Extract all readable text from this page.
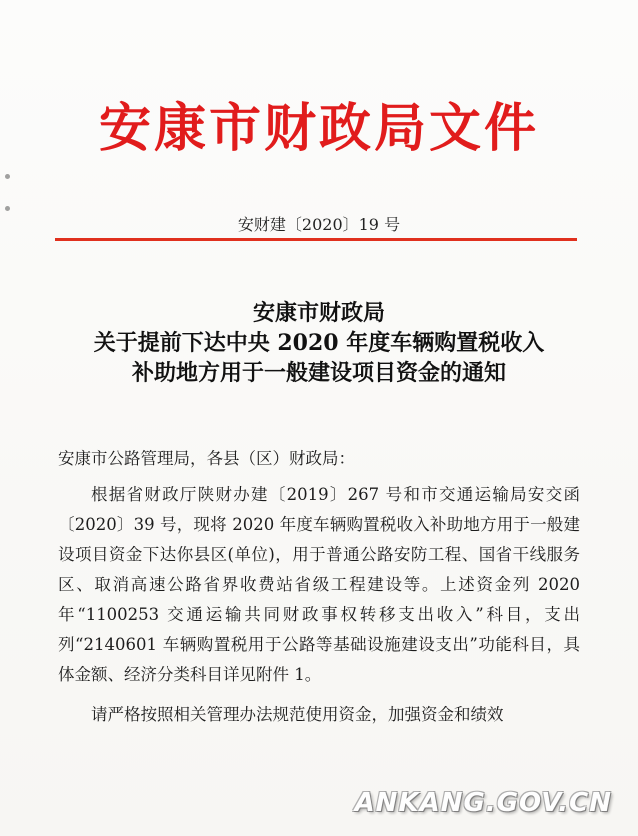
安康市财政局文件
安财建〔2020〕19 号
安康市财政局
关于提前下达中央 2020 年度车辆购置税收入
补助地方用于一般建设项目资金的通知

安康市公路管理局，各县（区）财政局：

根据省财政厅陕财办建〔2019〕267 号和市交通运输局安交函〔2020〕39 号，现将 2020 年度车辆购置税收入补助地方用于一般建设项目资金下达你县区(单位)，用于普通公路安防工程、国省干线服务区、取消高速公路省界收费站省级工程建设等。上述资金列 2020 年“1100253 交通运输共同财政事权转移支出收入”科目，支出列“2140601 车辆购置税用于公路等基础设施建设支出”功能科目，具体金额、经济分类科目详见附件 1。

请严格按照相关管理办法规范使用资金，加强资金和绩效

ANKANG.GOV.CN
